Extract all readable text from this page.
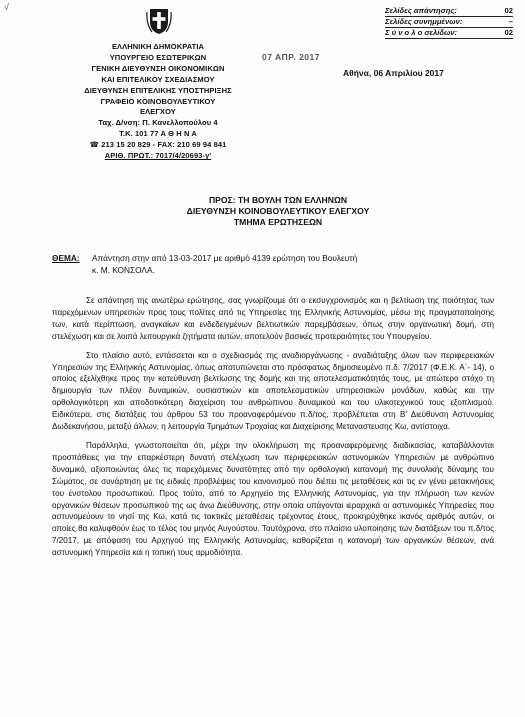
√	Σελίδες απάντησης:	02
Σελίδες συνημμένων:	–
Σ ύ ν ο λ ο σελίδων:	02
ΕΛΛΗΝΙΚΗ ΔΗΜΟΚΡΑΤΙΑ
ΥΠΟΥΡΓΕΙΟ ΕΣΩΤΕΡΙΚΩΝ
ΓΕΝΙΚΗ ΔΙΕΥΘΥΝΣΗ ΟΙΚΟΝΟΜΙΚΩΝ
ΚΑΙ ΕΠΙΤΕΛΙΚΟΥ ΣΧΕΔΙΑΣΜΟΥ
ΔΙΕΥΘΥΝΣΗ ΕΠΙΤΕΛΙΚΗΣ ΥΠΟΣΤΗΡΙΞΗΣ
ΓΡΑΦΕΙΟ ΚΟΙΝΟΒΟΥΛΕΥΤΙΚΟΥ ΕΛΕΓΧΟΥ
Ταχ. Δ/νση: Π. Κανελλοπούλου 4
Τ.Κ. 101 77 Α Θ Η Ν Α
☎ 213 15 20 829 - FAX: 210 69 94 841
ΑΡΙΘ. ΠΡΩΤ.: 7017/4/20693-γ'
07 ΑΠΡ. 2017
Αθήνα, 06 Απριλίου 2017
ΠΡΟΣ: ΤΗ ΒΟΥΛΗ ΤΩΝ ΕΛΛΗΝΩΝ
ΔΙΕΥΘΥΝΣΗ ΚΟΙΝΟΒΟΥΛΕΥΤΙΚΟΥ ΕΛΕΓΧΟΥ
ΤΜΗΜΑ ΕΡΩΤΗΣΕΩΝ
ΘΕΜΑ: Απάντηση στην από 13-03-2017 με αριθμό 4139 ερώτηση του Βουλευτή
κ. Μ. ΚΟΝΣΟΛΑ.

Σε απάντηση της ανωτέρω ερώτησης, σας γνωρίζουμε ότι ο εκσυγχρονισμός και η βελτίωση της ποιότητας των παρεχόμενων υπηρεσιών προς τους πολίτες από τις Υπηρεσίες της Ελληνικής Αστυνομίας, μέσω της πραγματοποίησης των, κατά περίπτωση, αναγκαίων και ενδεδειγμένων βελτιωτικών παρεμβάσεων, όπως στην οργανωτική δομή, στη στελέχωση και σε λοιπά λειτουργικά ζητήματα αυτών, αποτελούν βασικές προτεραιότητες του Υπουργείου.

Στο πλαίσιο αυτό, εντάσσεται και ο σχεδιασμός της αναδιοργάνωσης - αναδιάταξης όλων των περιφερειακών Υπηρεσιών της Ελληνικής Αστυνομίας, όπως αποτυπώνεται στο πρόσφατως δημοσιευμένο π.δ. 7/2017 (Φ.Ε.Κ. Α΄- 14), ο οποίος εξελίχθηκε προς την κατεύθυνση βελτίωσης της δομής και της αποτελεσματικότητάς τους, με απώτερο στόχο τη δημιουργία των πλέον δυναμικών, ουσιαστικών και αποτελεσματικών υπηρεσιακών μονάδων, καθώς και την ορθολογικότερη και αποδοτικότερη διαχείριση του ανθρώπινου δυναμικού και του υλικοτεχνικού τους εξοπλισμού. Ειδικότερα, στις διατάξεις του άρθρου 53 του προαναφερόμενου π.δ/τος, προβλέπεται στη Β' Διεύθυνση Αστυνομίας Δωδεκανήσου, μεταξύ άλλων, η λειτουργία Τμημάτων Τροχαίας και Διαχείρισης Μεταναστευσης Κω, αντίστοιχα.

Παράλληλα, γνωστοποιείται ότι, μέχρι την ολοκλήρωση της προαναφερόμενης διαδικασίας, καταβάλλονται προσπάθειες για την επαρκέστερη δυνατή στελέχωση των περιφερειακών αστυνομικών Υπηρεσιών με ανθρώπινο δυναμικό, αξιοποιώντας όλες τις παρεχόμενες δυνατότητες από την ορθολογική κατανομή της συνολικής δύναμης του Σώματος, σε συνάρτηση με τις ειδικές προβλέψεις του κανονισμού που διέπει τις μεταθέσεις και τις εν γένει μετακινήσεις του ένστολου προσωπικού. Προς τούτο, από το Αρχηγείο της Ελληνικής Αστυνομίας, για την πλήρωση των κενών οργανικών θέσεων προσωπικού της ως άνω Διεύθυνσης, στην οποία υπάγονται ιεραρχικά οι αστυνομικές Υπηρεσίες που αστυνομεύουν το νησί της Κω, κατά τις τακτικές μεταθέσεις τρέχοντος έτους, προκηρύχθηκε ικανός αριθμός αυτών, οι οποίες θα καλυφθούν έως το τέλος του μηνός Αυγούστου. Ταυτόχρονα, στο πλαίσιο υλοποίησης των διατάξεων του π.δ/τος 7/2017, με απόφαση του Αρχηγού της Ελληνικής Αστυνομίας, καθορίζεται η κατανομή των οργανικών θέσεων, ανά αστυνομική Υπηρεσία και η τοπική τους αρμοδιότητα.
